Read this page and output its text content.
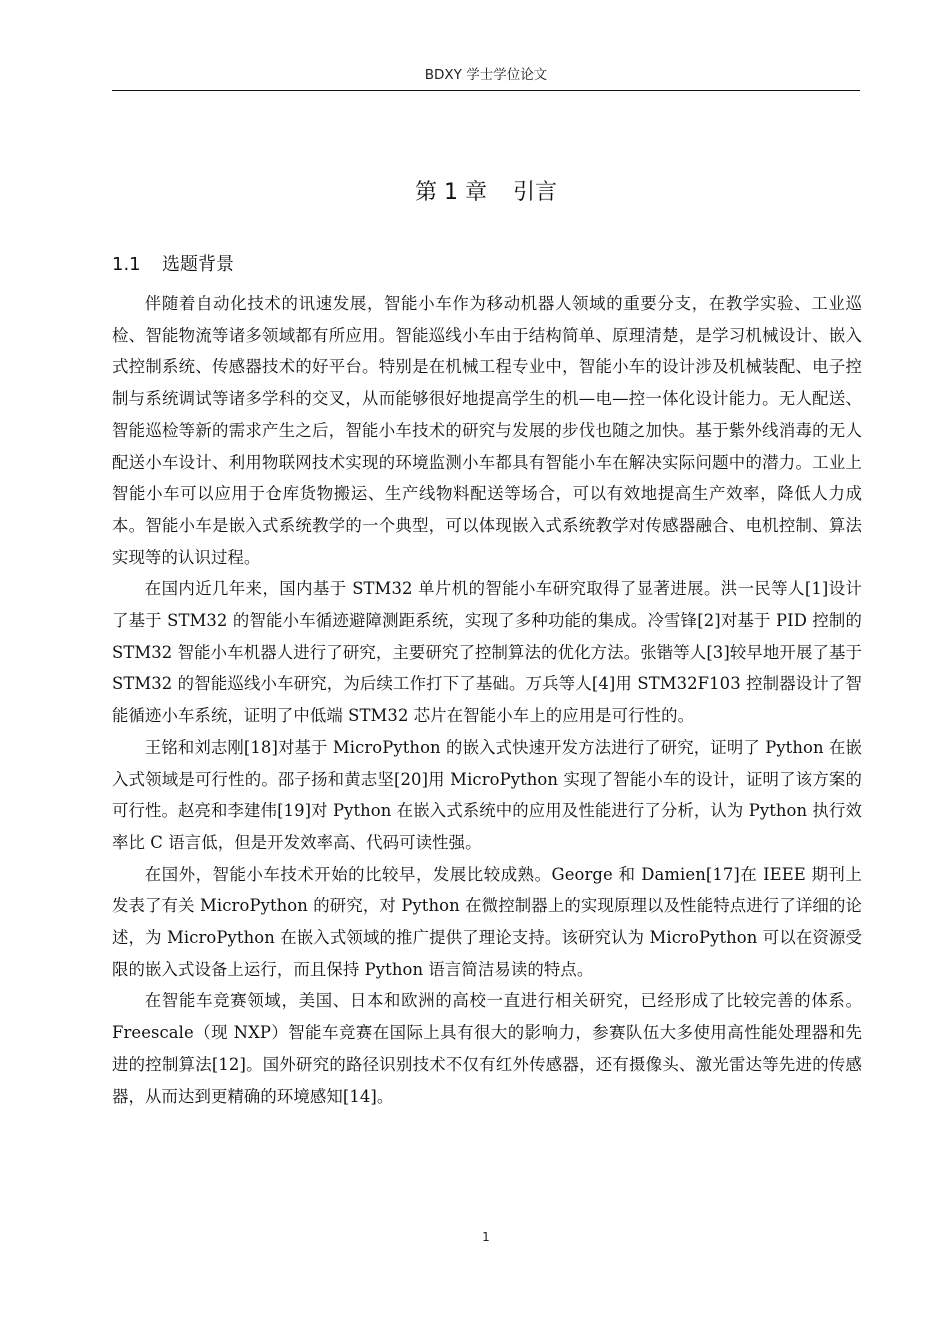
BDXY 学士学位论文
第 1 章 引言
1.1 选题背景

伴随着自动化技术的讯速发展，智能小车作为移动机器人领域的重要分支，在教学实验、工业巡检、智能物流等诸多领域都有所应用。智能巡线小车由于结构简单、原理清楚，是学习机械设计、嵌入式控制系统、传感器技术的好平台。特别是在机械工程专业中，智能小车的设计涉及机械装配、电子控制与系统调试等诸多学科的交叉，从而能够很好地提高学生的机—电—控一体化设计能力。无人配送、智能巡检等新的需求产生之后，智能小车技术的研究与发展的步伐也随之加快。基于紫外线消毒的无人配送小车设计、利用物联网技术实现的环境监测小车都具有智能小车在解决实际问题中的潜力。工业上智能小车可以应用于仓库货物搬运、生产线物料配送等场合，可以有效地提高生产效率，降低人力成本。智能小车是嵌入式系统教学的一个典型，可以体现嵌入式系统教学对传感器融合、电机控制、算法实现等的认识过程。

在国内近几年来，国内基于 STM32 单片机的智能小车研究取得了显著进展。洪一民等人[1]设计了基于 STM32 的智能小车循迹避障测距系统，实现了多种功能的集成。冷雪锋[2]对基于 PID 控制的 STM32 智能小车机器人进行了研究，主要研究了控制算法的优化方法。张锴等人[3]较早地开展了基于 STM32 的智能巡线小车研究，为后续工作打下了基础。万兵等人[4]用 STM32F103 控制器设计了智能循迹小车系统，证明了中低端 STM32 芯片在智能小车上的应用是可行性的。

王铭和刘志刚[18]对基于 MicroPython 的嵌入式快速开发方法进行了研究，证明了 Python 在嵌入式领域是可行性的。邵子扬和黄志坚[20]用 MicroPython 实现了智能小车的设计，证明了该方案的可行性。赵亮和李建伟[19]对 Python 在嵌入式系统中的应用及性能进行了分析，认为 Python 执行效率比 C 语言低，但是开发效率高、代码可读性强。

在国外，智能小车技术开始的比较早，发展比较成熟。George 和 Damien[17]在 IEEE 期刊上发表了有关 MicroPython 的研究，对 Python 在微控制器上的实现原理以及性能特点进行了详细的论述，为 MicroPython 在嵌入式领域的推广提供了理论支持。该研究认为 MicroPython 可以在资源受限的嵌入式设备上运行，而且保持 Python 语言简洁易读的特点。

在智能车竞赛领域，美国、日本和欧洲的高校一直进行相关研究，已经形成了比较完善的体系。Freescale（现 NXP）智能车竞赛在国际上具有很大的影响力，参赛队伍大多使用高性能处理器和先进的控制算法[12]。国外研究的路径识别技术不仅有红外传感器，还有摄像头、激光雷达等先进的传感器，从而达到更精确的环境感知[14]。

1
